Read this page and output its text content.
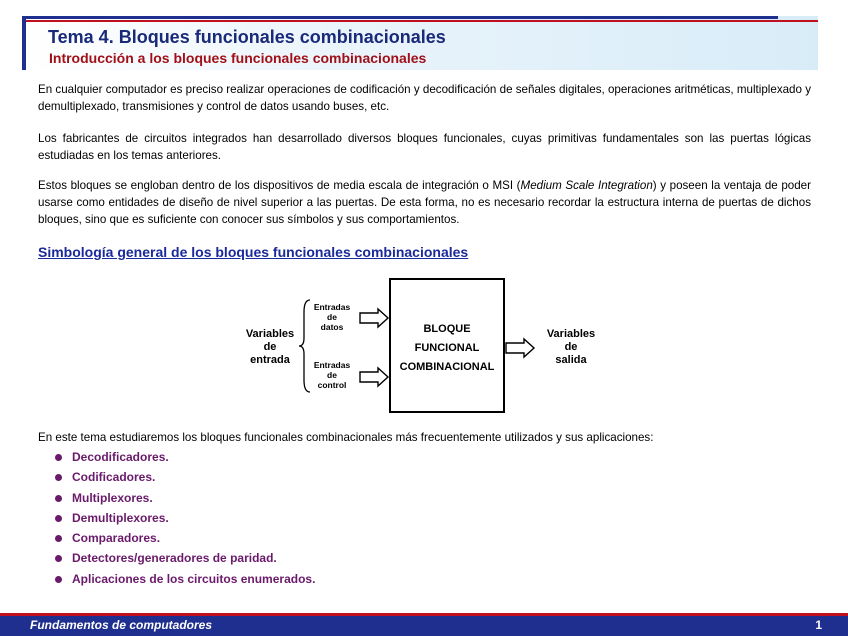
Tema 4. Bloques funcionales combinacionales
Introducción a los bloques funcionales combinacionales

En cualquier computador es preciso realizar operaciones de codificación y decodificación de señales digitales, operaciones aritméticas, multiplexado y demultiplexado, transmisiones y control de datos usando buses, etc.

Los fabricantes de circuitos integrados han desarrollado diversos bloques funcionales, cuyas primitivas fundamentales son las puertas lógicas estudiadas en los temas anteriores.

Estos bloques se engloban dentro de los dispositivos de media escala de integración o MSI (Medium Scale Integration) y poseen la ventaja de poder usarse como entidades de diseño de nivel superior a las puertas. De esta forma, no es necesario recordar la estructura interna de puertas de dichos bloques, sino que es suficiente con conocer sus símbolos y sus comportamientos.

Simbología general de los bloques funcionales combinacionales
Variables
de
entrada
Entradas
de
datos
Entradas
de
control
BLOQUE
FUNCIONAL
COMBINACIONAL
Variables
de
salida

En este tema estudiaremos los bloques funcionales combinacionales más frecuentemente utilizados y sus aplicaciones:

Decodificadores.
Codificadores.
Multiplexores.
Demultiplexores.
Comparadores.
Detectores/generadores de paridad.
Aplicaciones de los circuitos enumerados.
Fundamentos de computadores	1
